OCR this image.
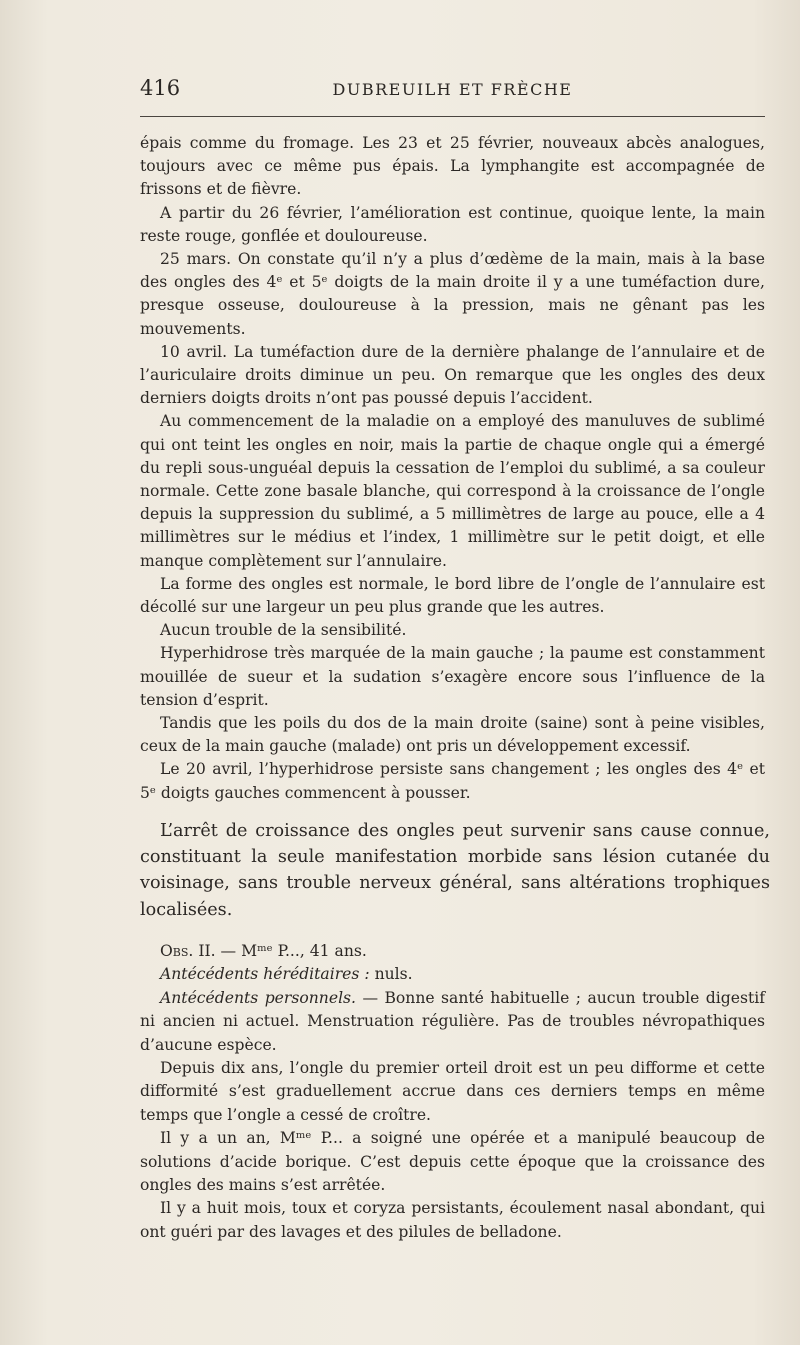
416	DUBREUILH ET FRÈCHE

épais comme du fromage. Les 23 et 25 février, nouveaux abcès analogues, toujours avec ce même pus épais. La lymphangite est accompagnée de frissons et de fièvre.

A partir du 26 février, l’amélioration est continue, quoique lente, la main reste rouge, gonflée et douloureuse.

25 mars. On constate qu’il n’y a plus d’œdème de la main, mais à la base des ongles des 4ᵉ et 5ᵉ doigts de la main droite il y a une tuméfaction dure, presque osseuse, douloureuse à la pression, mais ne gênant pas les mouvements.

10 avril. La tuméfaction dure de la dernière phalange de l’annulaire et de l’auriculaire droits diminue un peu. On remarque que les ongles des deux derniers doigts droits n’ont pas poussé depuis l’accident.

Au commencement de la maladie on a employé des manuluves de sublimé qui ont teint les ongles en noir, mais la partie de chaque ongle qui a émergé du repli sous-unguéal depuis la cessation de l’emploi du sublimé, a sa couleur normale. Cette zone basale blanche, qui correspond à la croissance de l’ongle depuis la suppression du sublimé, a 5 millimètres de large au pouce, elle a 4 millimètres sur le médius et l’index, 1 millimètre sur le petit doigt, et elle manque complètement sur l’annulaire.

La forme des ongles est normale, le bord libre de l’ongle de l’annulaire est décollé sur une largeur un peu plus grande que les autres.

Aucun trouble de la sensibilité.

Hyperhidrose très marquée de la main gauche ; la paume est constamment mouillée de sueur et la sudation s’exagère encore sous l’influence de la tension d’esprit.

Tandis que les poils du dos de la main droite (saine) sont à peine visibles, ceux de la main gauche (malade) ont pris un développement excessif.

Le 20 avril, l’hyperhidrose persiste sans changement ; les ongles des 4ᵉ et 5ᵉ doigts gauches commencent à pousser.

L’arrêt de croissance des ongles peut survenir sans cause connue, constituant la seule manifestation morbide sans lésion cutanée du voisinage, sans trouble nerveux général, sans altérations trophiques localisées.

Obs. II. — Mᵐᵉ P..., 41 ans.

Antécédents héréditaires : nuls.

Antécédents personnels. — Bonne santé habituelle ; aucun trouble digestif ni ancien ni actuel. Menstruation régulière. Pas de troubles névropathiques d’aucune espèce.

Depuis dix ans, l’ongle du premier orteil droit est un peu difforme et cette difformité s’est graduellement accrue dans ces derniers temps en même temps que l’ongle a cessé de croître.

Il y a un an, Mᵐᵉ P... a soigné une opérée et a manipulé beaucoup de solutions d’acide borique. C’est depuis cette époque que la croissance des ongles des mains s’est arrêtée.

Il y a huit mois, toux et coryza persistants, écoulement nasal abondant, qui ont guéri par des lavages et des pilules de belladone.
